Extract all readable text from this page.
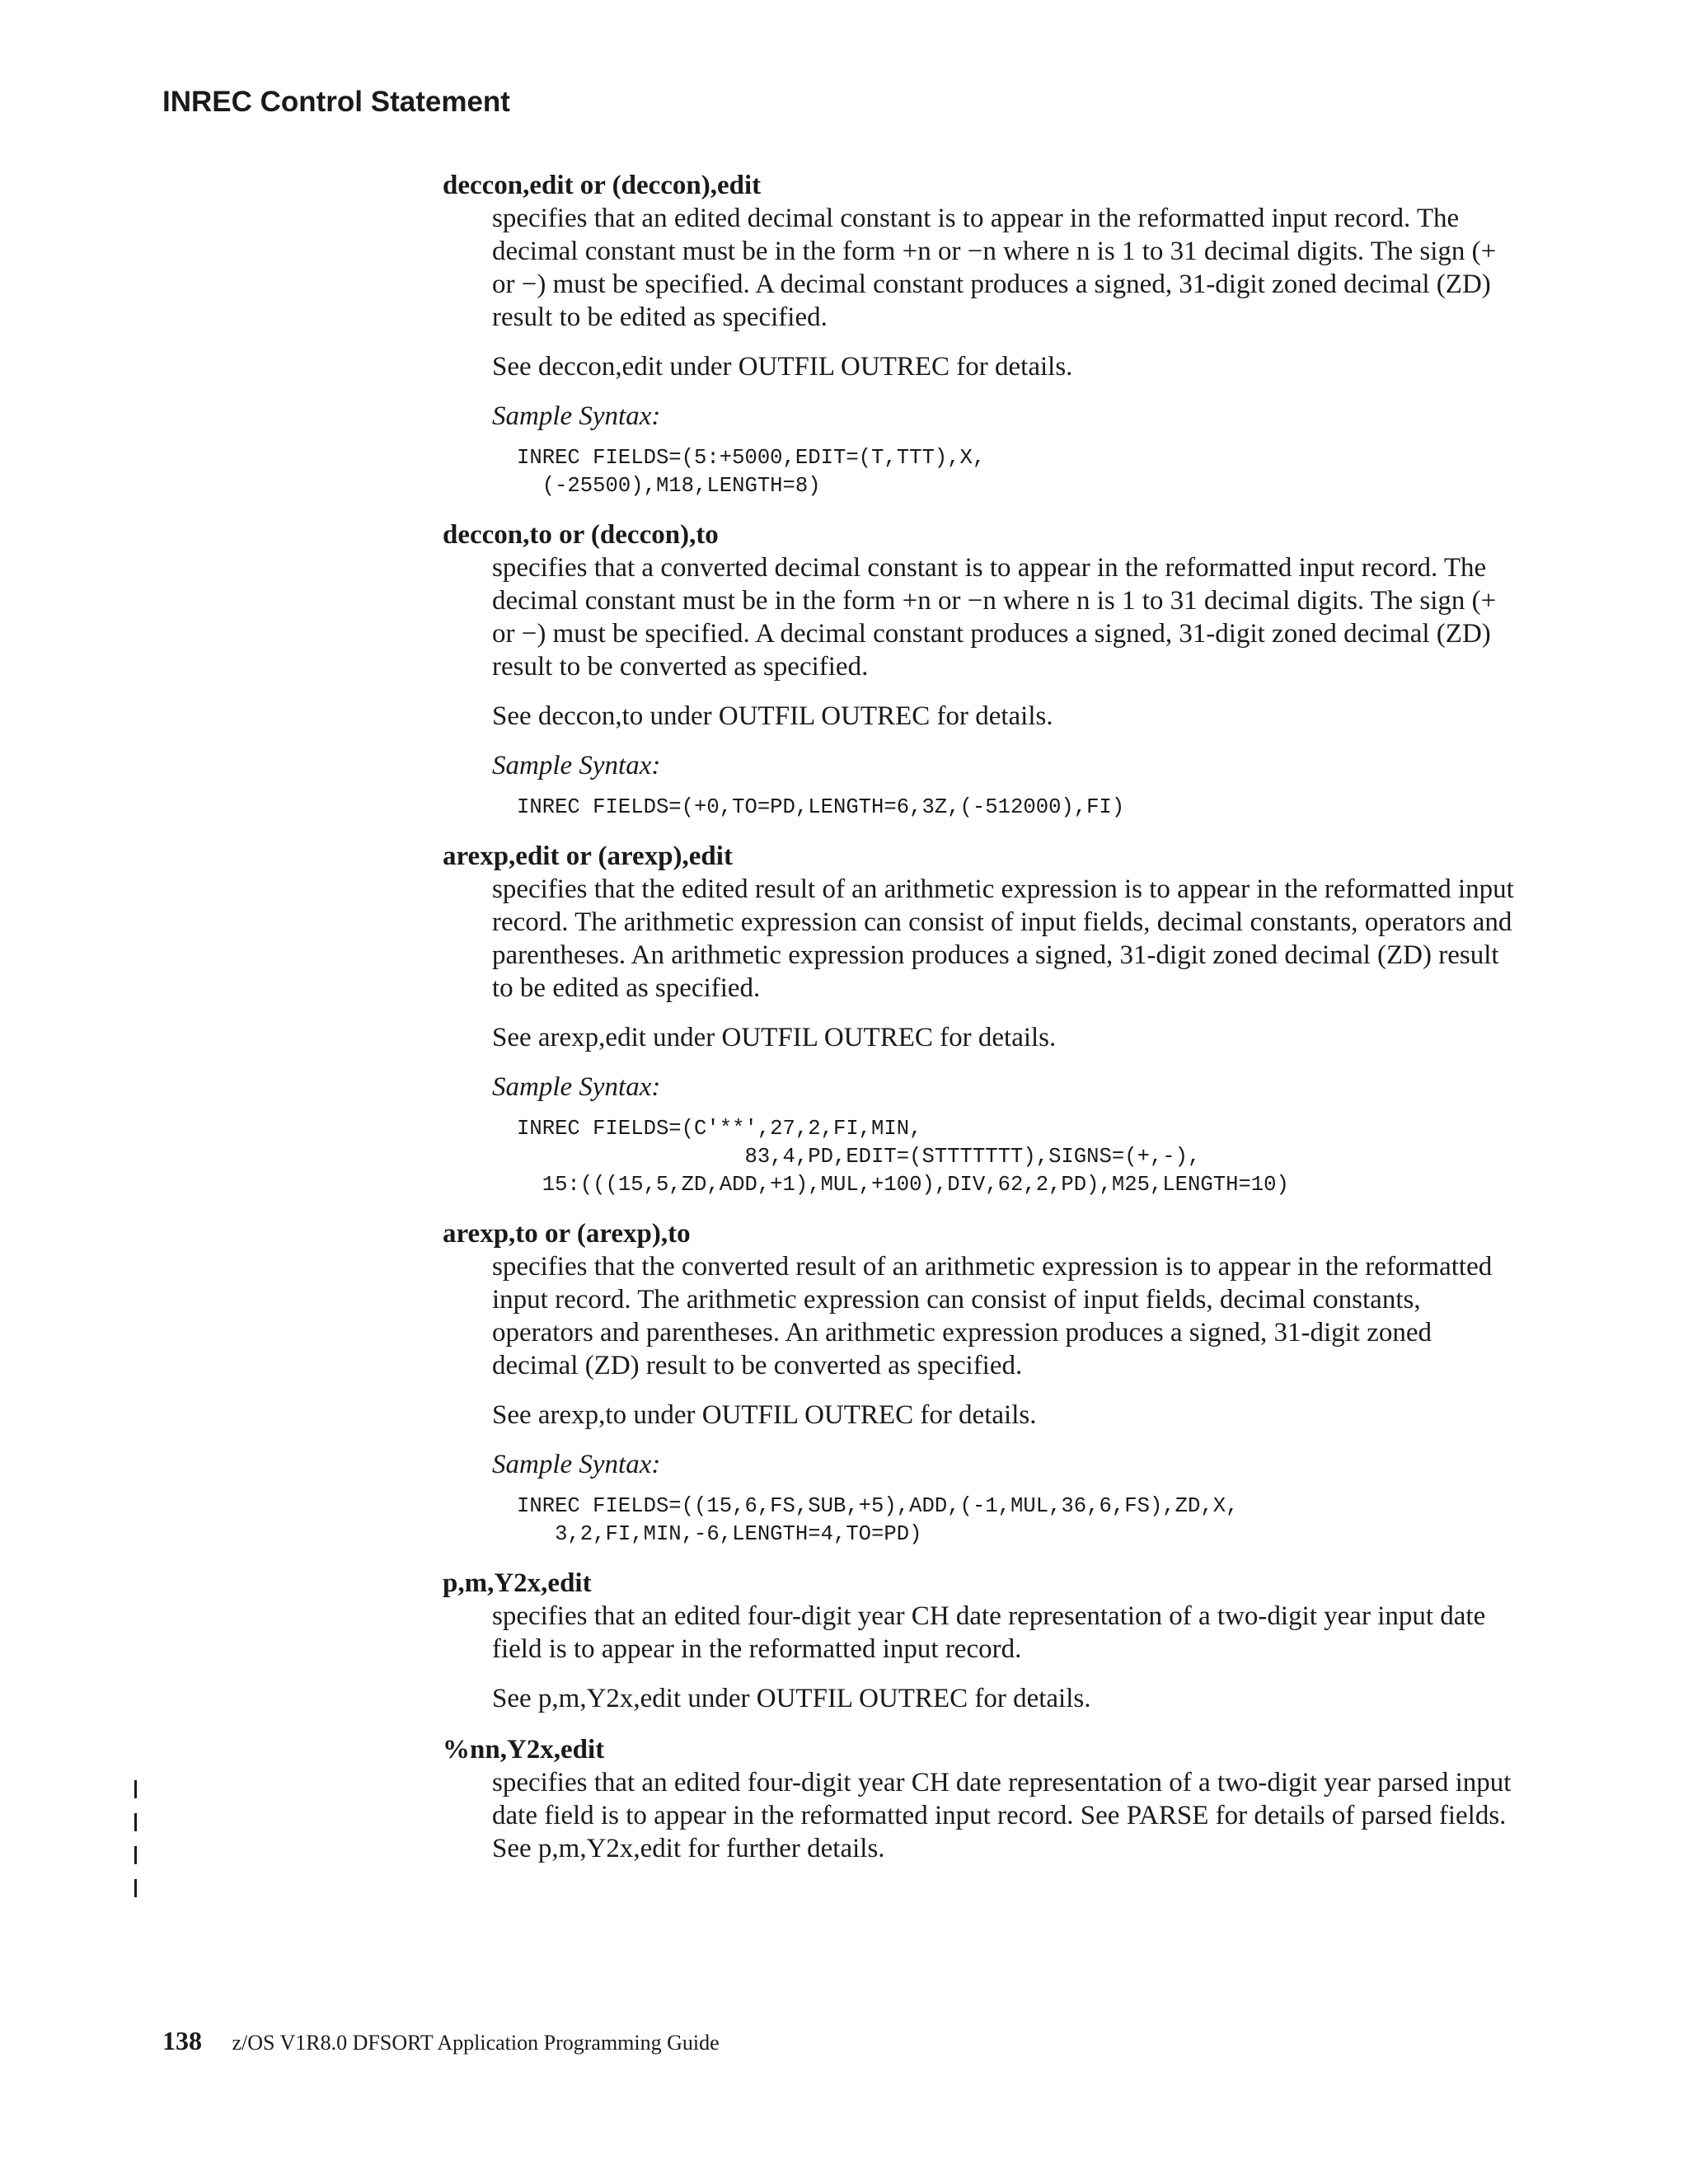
INREC Control Statement

deccon,edit or (deccon),edit

specifies that an edited decimal constant is to appear in the reformatted input record. The decimal constant must be in the form +n or −n where n is 1 to 31 decimal digits. The sign (+ or −) must be specified. A decimal constant produces a signed, 31-digit zoned decimal (ZD) result to be edited as specified.

See deccon,edit under OUTFIL OUTREC for details.

Sample Syntax:

INREC FIELDS=(5:+5000,EDIT=(T,TTT),X,
(-25500),M18,LENGTH=8)

deccon,to or (deccon),to

specifies that a converted decimal constant is to appear in the reformatted input record. The decimal constant must be in the form +n or −n where n is 1 to 31 decimal digits. The sign (+ or −) must be specified. A decimal constant produces a signed, 31-digit zoned decimal (ZD) result to be converted as specified.

See deccon,to under OUTFIL OUTREC for details.

Sample Syntax:

INREC FIELDS=(+0,TO=PD,LENGTH=6,3Z,(-512000),FI)

arexp,edit or (arexp),edit

specifies that the edited result of an arithmetic expression is to appear in the reformatted input record. The arithmetic expression can consist of input fields, decimal constants, operators and parentheses. An arithmetic expression produces a signed, 31-digit zoned decimal (ZD) result to be edited as specified.

See arexp,edit under OUTFIL OUTREC for details.

Sample Syntax:

INREC FIELDS=(C'**',27,2,FI,MIN,
83,4,PD,EDIT=(STTTTTTT),SIGNS=(+,-),
15:(((15,5,ZD,ADD,+1),MUL,+100),DIV,62,2,PD),M25,LENGTH=10)

arexp,to or (arexp),to

specifies that the converted result of an arithmetic expression is to appear in the reformatted input record. The arithmetic expression can consist of input fields, decimal constants, operators and parentheses. An arithmetic expression produces a signed, 31-digit zoned decimal (ZD) result to be converted as specified.

See arexp,to under OUTFIL OUTREC for details.

Sample Syntax:

INREC FIELDS=((15,6,FS,SUB,+5),ADD,(-1,MUL,36,6,FS),ZD,X,
3,2,FI,MIN,-6,LENGTH=4,TO=PD)

p,m,Y2x,edit

specifies that an edited four-digit year CH date representation of a two-digit year input date field is to appear in the reformatted input record.

See p,m,Y2x,edit under OUTFIL OUTREC for details.

%nn,Y2x,edit

specifies that an edited four-digit year CH date representation of a two-digit year parsed input date field is to appear in the reformatted input record. See PARSE for details of parsed fields. See p,m,Y2x,edit for further details.

138 z/OS V1R8.0 DFSORT Application Programming Guide
